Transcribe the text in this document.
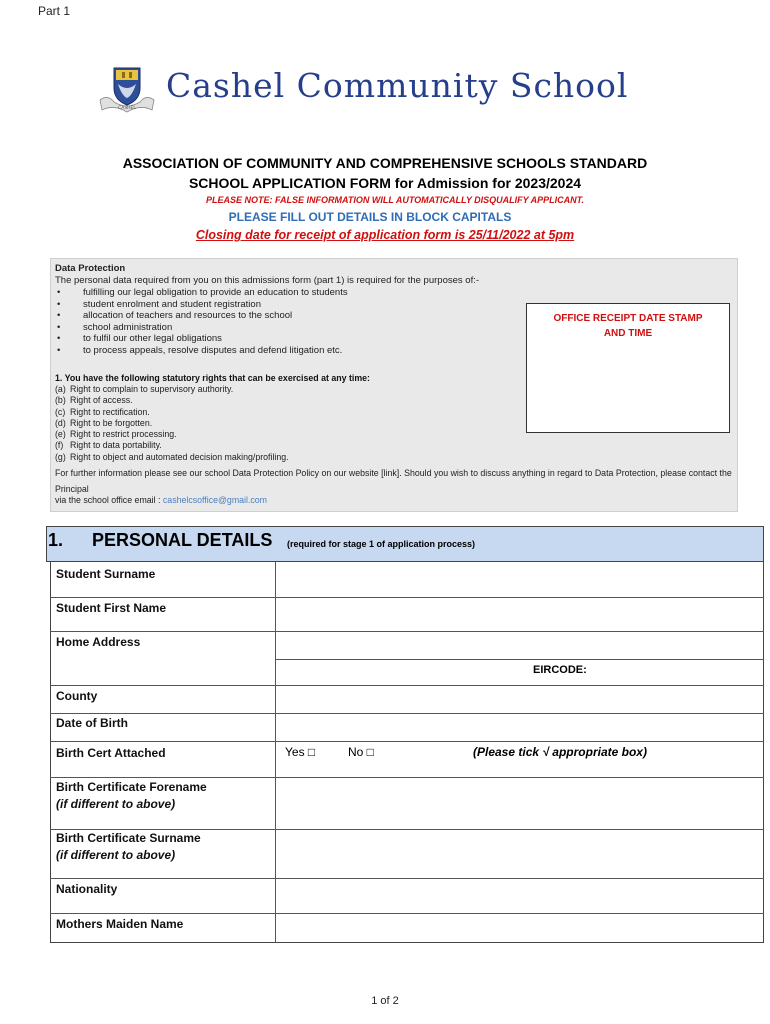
Part 1
CASHEL
Cashel Community School
ASSOCIATION OF COMMUNITY AND COMPREHENSIVE SCHOOLS STANDARD
SCHOOL APPLICATION FORM for Admission for 2023/2024
PLEASE NOTE: FALSE INFORMATION WILL AUTOMATICALLY DISQUALIFY APPLICANT.
PLEASE FILL OUT DETAILS IN BLOCK CAPITALS
Closing date for receipt of application form is 25/11/2022 at 5pm
Data Protection
The personal data required from you on this admissions form (part 1) is required for the purposes of:-
• fulfilling our legal obligation to provide an education to students
• student enrolment and student registration
• allocation of teachers and resources to the school
• school administration
• to fulfil our other legal obligations
• to process appeals, resolve disputes and defend litigation etc.
1. You have the following statutory rights that can be exercised at any time:
(a) Right to complain to supervisory authority.
(b) Right of access.
(c) Right to rectification.
(d) Right to be forgotten.
(e) Right to restrict processing.
(f) Right to data portability.
(g) Right to object and automated decision making/profiling.
For further information please see our school Data Protection Policy on our website [link]. Should you wish to discuss anything in regard to Data Protection, please contact the Principal
via the school office email : cashelcsoffice@gmail.com
OFFICE RECEIPT DATE STAMP
AND TIME
1. PERSONAL DETAILS (required for stage 1 of application process)
Student Surname
Student First Name
Home Address
EIRCODE:
County
Date of Birth
Birth Cert Attached	Yes □	No □	(Please tick √ appropriate box)
Birth Certificate Forename
(if different to above)
Birth Certificate Surname
(if different to above)
Nationality
Mothers Maiden Name
1 of 2
